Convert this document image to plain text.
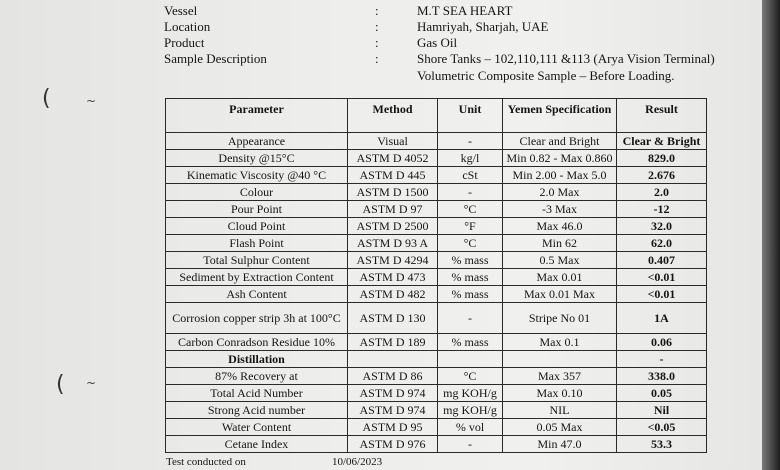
Vessel	:	M.T SEA HEART
Location	:	Hamriyah, Sharjah, UAE
Product	:	Gas Oil
Sample Description	:	Shore Tanks – 102,110,111 &113 (Arya Vision Terminal)
Volumetric Composite Sample – Before Loading.
(	~
( ~
Parameter	Method	Unit	Yemen Specification	Result
Appearance	Visual	-	Clear and Bright	Clear & Bright
Density @15°C	ASTM D 4052	kg/l	Min 0.82 - Max 0.860	829.0
Kinematic Viscosity @40 °C	ASTM D 445	cSt	Min 2.00 - Max 5.0	2.676
Colour	ASTM D 1500	-	2.0 Max	2.0
Pour Point	ASTM D 97	°C	-3 Max	-12
Cloud Point	ASTM D 2500	°F	Max 46.0	32.0
Flash Point	ASTM D 93 A	°C	Min 62	62.0
Total Sulphur Content	ASTM D 4294	% mass	0.5 Max	0.407
Sediment by Extraction Content	ASTM D 473	% mass	Max 0.01	<0.01
Ash Content	ASTM D 482	% mass	Max 0.01 Max	<0.01
Corrosion copper strip 3h at 100°C	ASTM D 130	-	Stripe No 01	1A
Carbon Conradson Residue 10%	ASTM D 189	% mass	Max 0.1	0.06
Distillation				-
87% Recovery at	ASTM D 86	°C	Max 357	338.0
Total Acid Number	ASTM D 974	mg KOH/g	Max 0.10	0.05
Strong Acid number	ASTM D 974	mg KOH/g	NIL	Nil
Water Content	ASTM D 95	% vol	0.05 Max	<0.05
Cetane Index	ASTM D 976	-	Min 47.0	53.3
Test conducted on	10/06/2023
